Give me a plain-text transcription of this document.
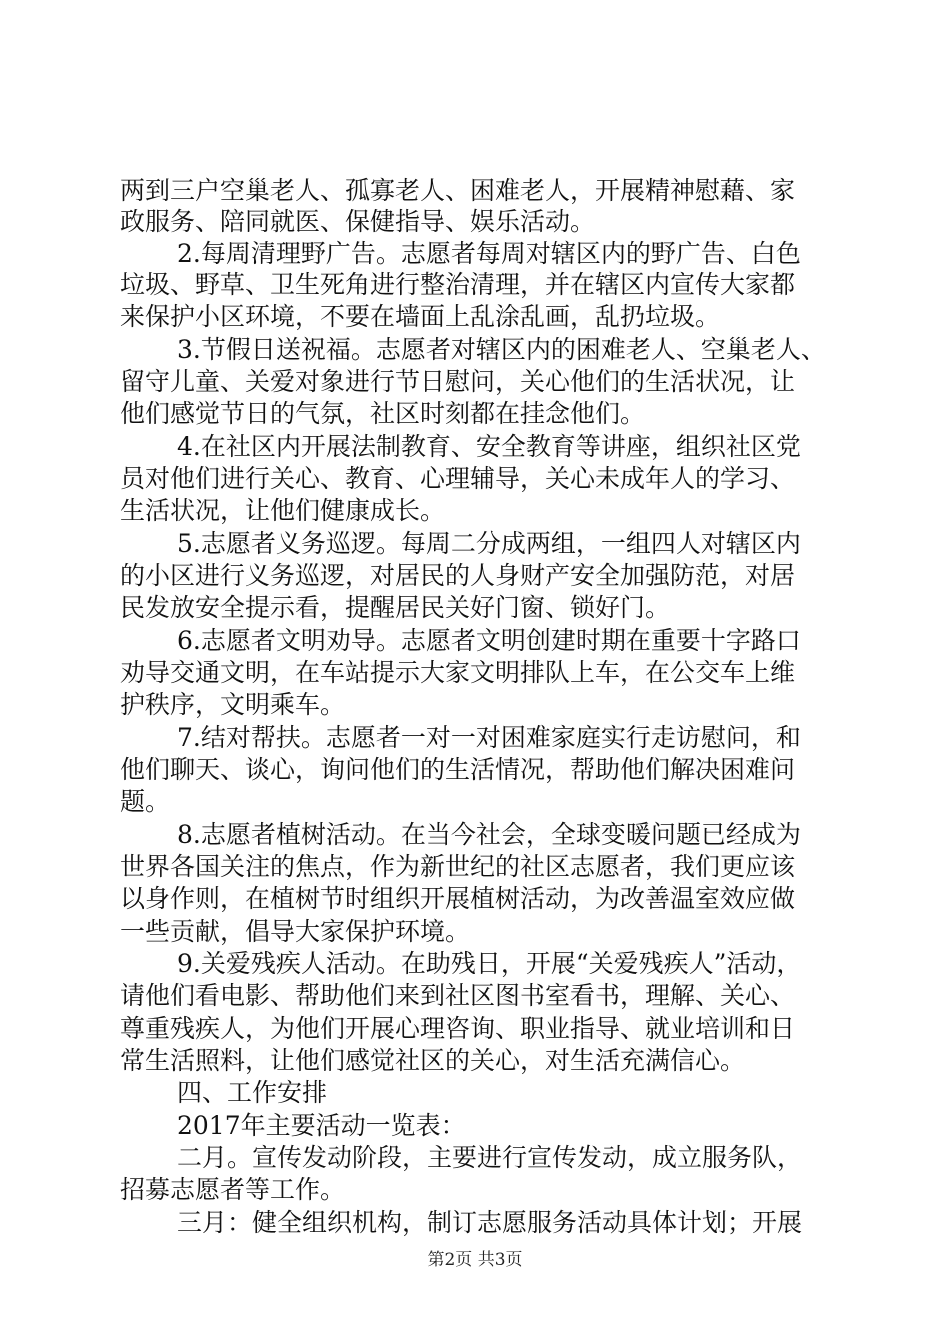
两到三户空巢老人、孤寡老人、困难老人，开展精神慰藉、家
政服务、陪同就医、保健指导、娱乐活动。
2.每周清理野广告。志愿者每周对辖区内的野广告、白色
垃圾、野草、卫生死角进行整治清理，并在辖区内宣传大家都
来保护小区环境，不要在墙面上乱涂乱画，乱扔垃圾。
3.节假日送祝福。志愿者对辖区内的困难老人、空巢老人、
留守儿童、关爱对象进行节日慰问，关心他们的生活状况，让
他们感觉节日的气氛，社区时刻都在挂念他们。
4.在社区内开展法制教育、安全教育等讲座，组织社区党
员对他们进行关心、教育、心理辅导，关心未成年人的学习、
生活状况，让他们健康成长。
5.志愿者义务巡逻。每周二分成两组，一组四人对辖区内
的小区进行义务巡逻，对居民的人身财产安全加强防范，对居
民发放安全提示看，提醒居民关好门窗、锁好门。
6.志愿者文明劝导。志愿者文明创建时期在重要十字路口
劝导交通文明，在车站提示大家文明排队上车，在公交车上维
护秩序，文明乘车。
7.结对帮扶。志愿者一对一对困难家庭实行走访慰问，和
他们聊天、谈心，询问他们的生活情况，帮助他们解决困难问
题。
8.志愿者植树活动。在当今社会，全球变暖问题已经成为
世界各国关注的焦点，作为新世纪的社区志愿者，我们更应该
以身作则，在植树节时组织开展植树活动，为改善温室效应做
一些贡献，倡导大家保护环境。
9.关爱残疾人活动。在助残日，开展“关爱残疾人”活动，
请他们看电影、帮助他们来到社区图书室看书，理解、关心、
尊重残疾人，为他们开展心理咨询、职业指导、就业培训和日
常生活照料，让他们感觉社区的关心，对生活充满信心。
四、工作安排
2017年主要活动一览表：
二月。宣传发动阶段，主要进行宣传发动，成立服务队，
招募志愿者等工作。
三月：健全组织机构，制订志愿服务活动具体计划；开展
第2页 共3页
